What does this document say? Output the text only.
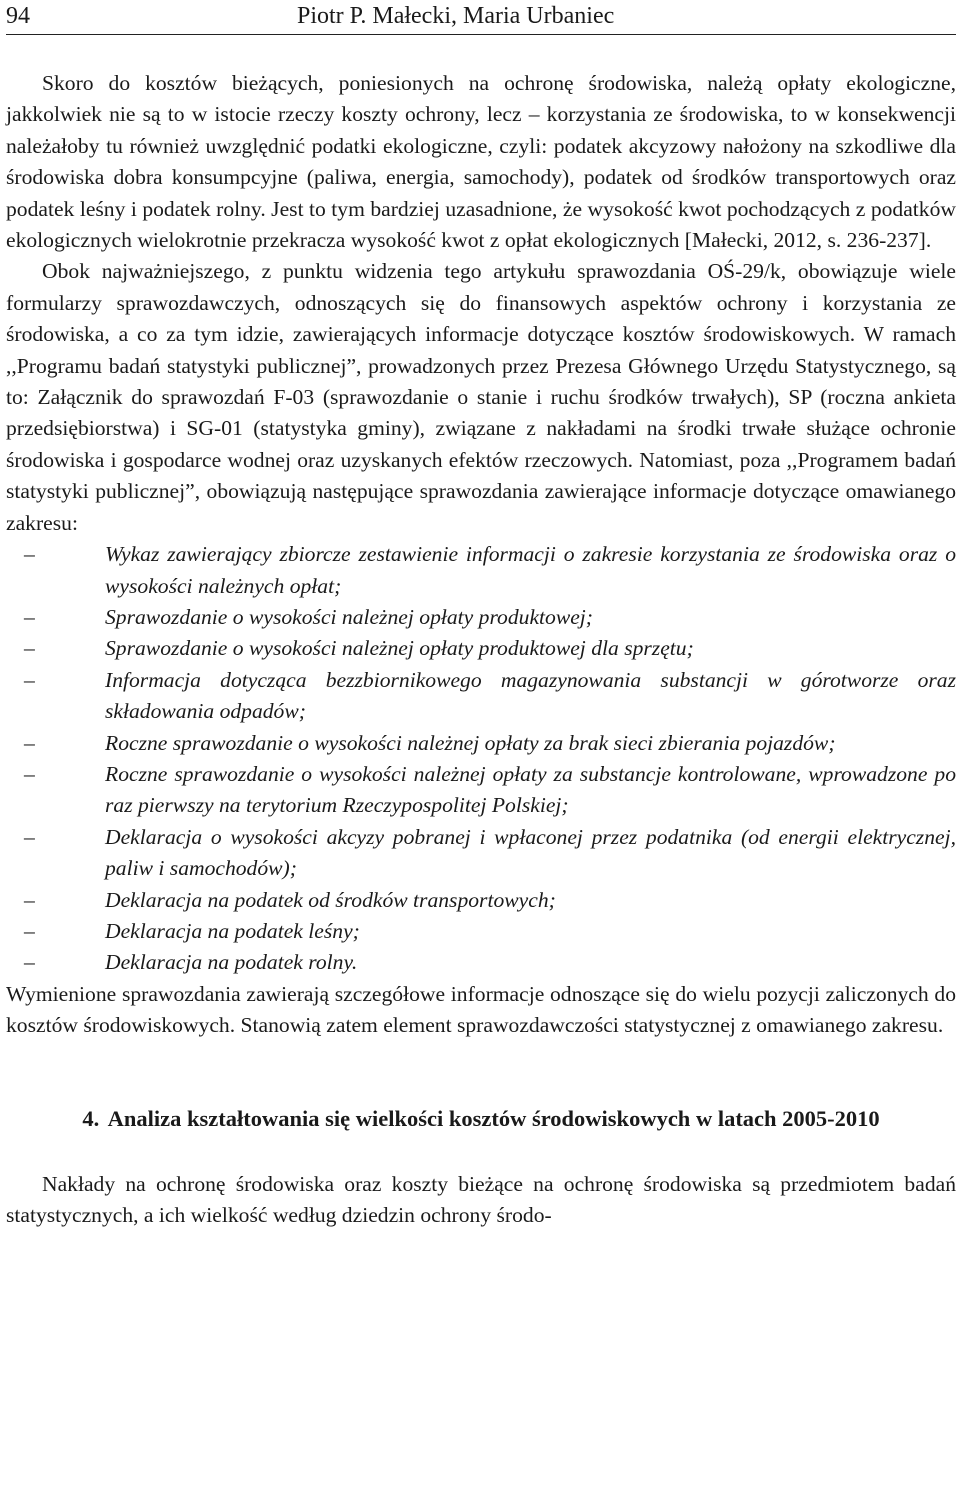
94	Piotr P. Małecki, Maria Urbaniec

Skoro do kosztów bieżących, poniesionych na ochronę środowiska, należą opłaty ekologiczne, jakkolwiek nie są to w istocie rzeczy koszty ochrony, lecz – korzystania ze środowiska, to w konsekwencji należałoby tu również uwzględnić podatki ekologiczne, czyli: podatek akcyzowy nałożony na szkodliwe dla środowiska dobra konsumpcyjne (paliwa, energia, samochody), podatek od środków transportowych oraz podatek leśny i podatek rolny. Jest to tym bardziej uzasadnione, że wysokość kwot pochodzących z podatków ekologicznych wielokrotnie przekracza wysokość kwot z opłat ekologicznych [Małecki, 2012, s. 236-237].

Obok najważniejszego, z punktu widzenia tego artykułu sprawozdania OŚ-29/k, obowiązuje wiele formularzy sprawozdawczych, odnoszących się do finansowych aspektów ochrony i korzystania ze środowiska, a co za tym idzie, zawierających informacje dotyczące kosztów środowiskowych. W ramach ,,Programu badań statystyki publicznej”, prowadzonych przez Prezesa Głównego Urzędu Statystycznego, są to: Załącznik do sprawozdań F-03 (sprawozdanie o stanie i ruchu środków trwałych), SP (roczna ankieta przedsiębiorstwa) i SG-01 (statystyka gminy), związane z nakładami na środki trwałe służące ochronie środowiska i gospodarce wodnej oraz uzyskanych efektów rzeczowych. Natomiast, poza ,,Programem badań statystyki publicznej”, obowiązują następujące sprawozdania zawierające informacje dotyczące omawianego zakresu:

–	Wykaz zawierający zbiorcze zestawienie informacji o zakresie korzystania ze środowiska oraz o wysokości należnych opłat;
–	Sprawozdanie o wysokości należnej opłaty produktowej;
–	Sprawozdanie o wysokości należnej opłaty produktowej dla sprzętu;
–	Informacja dotycząca bezzbiornikowego magazynowania substancji w górotworze oraz składowania odpadów;
–	Roczne sprawozdanie o wysokości należnej opłaty za brak sieci zbierania pojazdów;
–	Roczne sprawozdanie o wysokości należnej opłaty za substancje kontrolowane, wprowadzone po raz pierwszy na terytorium Rzeczypospolitej Polskiej;
–	Deklaracja o wysokości akcyzy pobranej i wpłaconej przez podatnika (od energii elektrycznej, paliw i samochodów);
–	Deklaracja na podatek od środków transportowych;
–	Deklaracja na podatek leśny;
–	Deklaracja na podatek rolny.

Wymienione sprawozdania zawierają szczegółowe informacje odnoszące się do wielu pozycji zaliczonych do kosztów środowiskowych. Stanowią zatem element sprawozdawczości statystycznej z omawianego zakresu.

4. Analiza kształtowania się wielkości kosztów środowiskowych w latach 2005-2010

Nakłady na ochronę środowiska oraz koszty bieżące na ochronę środowiska są przedmiotem badań statystycznych, a ich wielkość według dziedzin ochrony środo-
